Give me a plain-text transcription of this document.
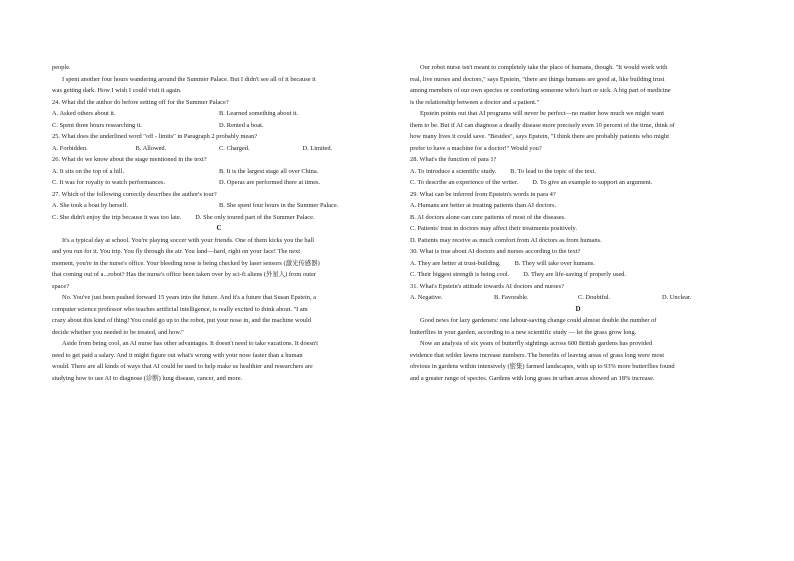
people.
I spent another four hours wandering around the Summer Palace. But I didn't see all of it because it
was getting dark. How I wish I could visit it again.
24. What did the author do before setting off for the Summer Palace?
A. Asked others about it.	B. Learned something about it.
C. Spent three hours researching it.	D. Rented a boat.
25. What does the underlined word "off - limits" in Paragraph 2 probably mean?
A. Forbidden.	B. Allowed.	C. Charged.	D. Limited.
26. What do we know about the stage mentioned in the text?
A. It sits on the top of a hill.	B. It is the largest stage all over China.
C. It was for royalty to watch performances.	D. Operas are performed there at times.
27. Which of the following correctly describes the author's tour?
A. She took a boat by herself.	B. She spent four hours in the Summer Palace.
C. She didn't enjoy the trip because it was too late. D. She only toured part of the Summer Palace.
C
It's a typical day at school. You're playing soccer with your friends. One of them kicks you the ball
and you run for it. You trip. You fly through the air. You land—hard, right on your face! The next
moment, you're in the nurse's office. Your bleeding nose is being checked by laser sensors (激光传感器)
that coming out of a...robot? Has the nurse's office been taken over by sci-fi aliens (外星人) from outer
space?
No. You've just been pushed forward 15 years into the future. And it's a future that Susan Epstein, a
computer science professor who teaches artificial intelligence, is really excited to think about. "I am
crazy about this kind of thing! You could go up to the robot, put your nose in, and the machine would
decide whether you needed to be treated, and how."
Aside from being cool, an AI nurse has other advantages. It doesn't need to take vacations. It doesn't
need to get paid a salary. And it might figure out what's wrong with your nose faster than a human
would. There are all kinds of ways that AI could be used to help make us healthier and researchers are
studying how to use AI to diagnose (诊断) lung disease, cancer, and more.
Our robot nurse isn't meant to completely take the place of humans, though. "It would work with
real, live nurses and doctors," says Epstein, "there are things humans are good at, like building trust
among members of our own species or comforting someone who's hurt or sick. A big part of medicine
is the relationship between a doctor and a patient."
Epstein points out that AI programs will never be perfect—no matter how much we might want
them to be. But if AI can diagnose a deadly disease more precisely even 10 percent of the time, think of
how many lives it could save. "Besides", says Epstein, "I think there are probably patients who might
prefer to have a machine for a doctor!" Would you?
28. What's the function of para 1?
A. To introduce a scientific study. B. To lead to the topic of the text.
C. To describe an experience of the writer. D. To give an example to support an argument.
29. What can be inferred from Epstein's words in para 4?
A. Humans are better at treating patients than AI doctors.
B. AI doctors alone can cure patients of most of the diseases.
C. Patients' trust in doctors may affect their treatments positively.
D. Patients may receive as much comfort from AI doctors as from humans.
30. What is true about AI doctors and nurses according to the text?
A. They are better at trust-building. B. They will take over humans.
C. Their biggest strength is being cool. D. They are life-saving if properly used.
31. What's Epstein's attitude towards AI doctors and nurses?
A. Negative.	B. Favorable.	C. Doubtful.	D. Unclear.
D
Good news for lazy gardeners: one labour-saving change could almost double the number of
butterflies in your garden, according to a new scientific study — let the grass grow long.
Now an analysis of six years of butterfly sightings across 600 British gardens has provided
evidence that wilder lawns increase numbers. The benefits of leaving areas of grass long were most
obvious in gardens within intensively (密集) farmed landscapes, with up to 93% more butterflies found
and a greater range of species. Gardens with long grass in urban areas showed an 18% increase.
